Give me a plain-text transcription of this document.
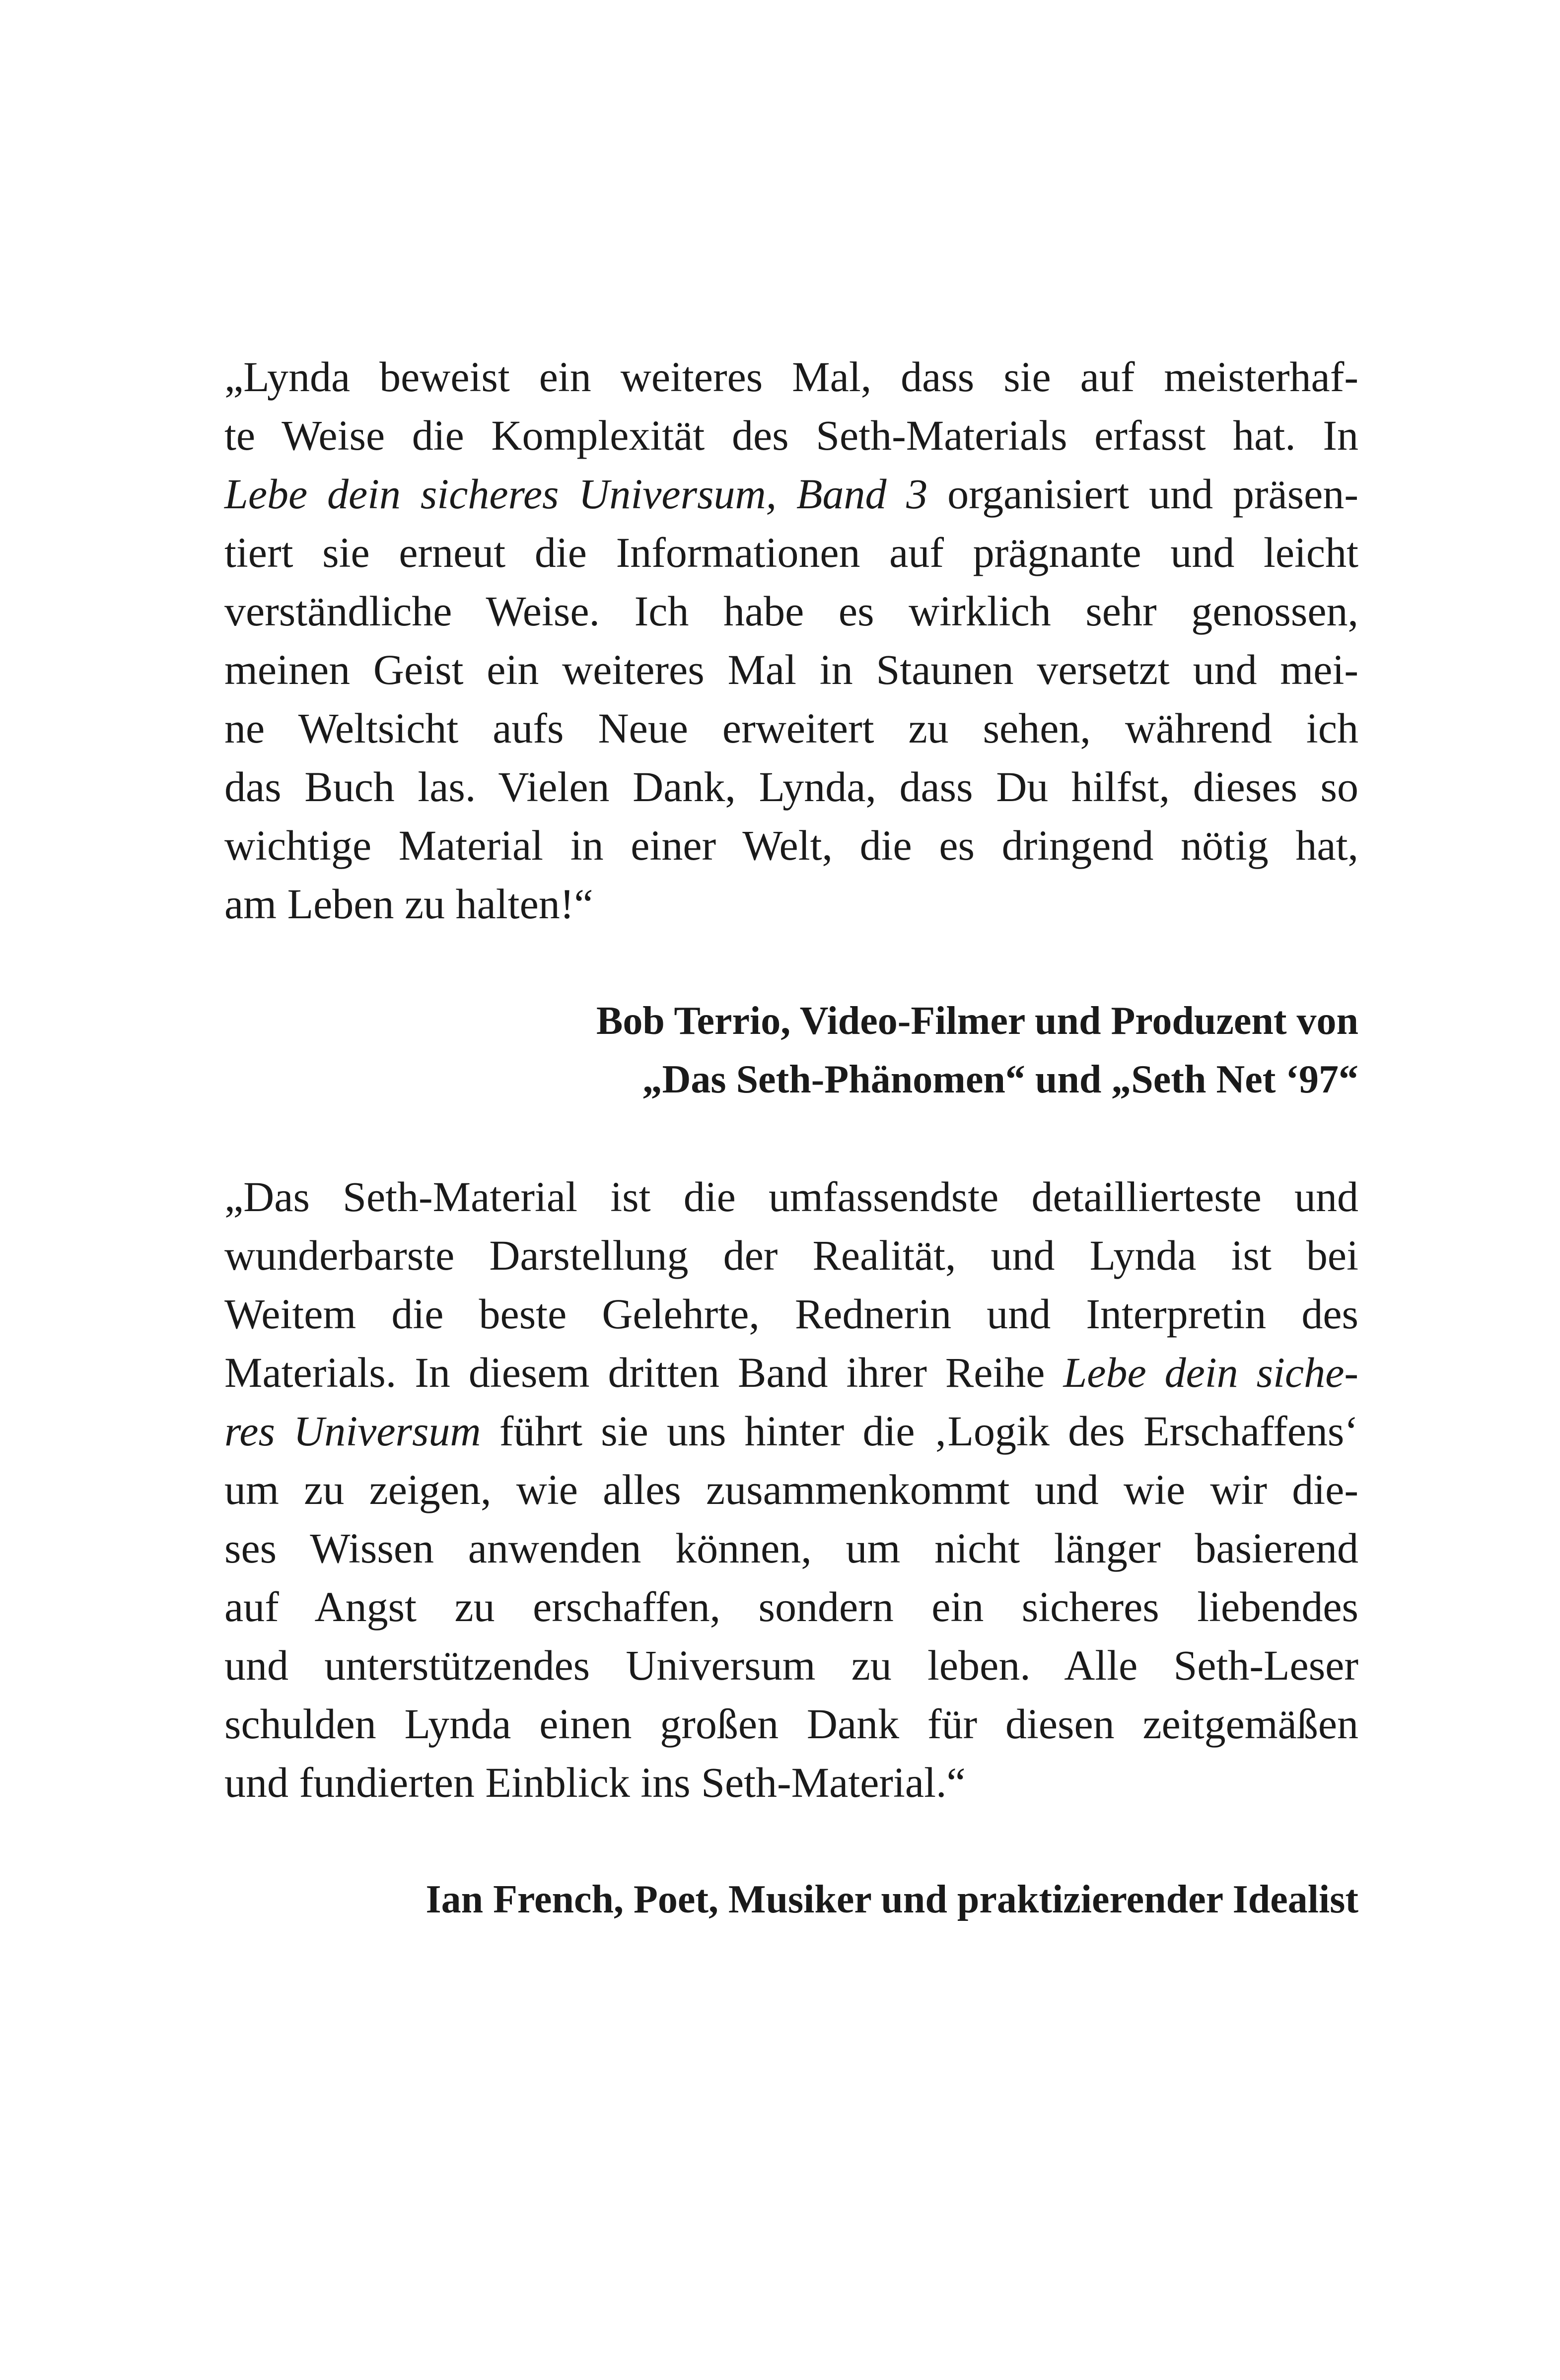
„Lynda beweist ein weiteres Mal, dass sie auf meisterhaf-
te Weise die Komplexität des Seth-Materials erfasst hat. In
Lebe dein sicheres Universum, Band 3 organisiert und präsen-
tiert sie erneut die Informationen auf prägnante und leicht
verständliche Weise. Ich habe es wirklich sehr genossen,
meinen Geist ein weiteres Mal in Staunen versetzt und mei-
ne Weltsicht aufs Neue erweitert zu sehen, während ich
das Buch las. Vielen Dank, Lynda, dass Du hilfst, dieses so
wichtige Material in einer Welt, die es dringend nötig hat,
am Leben zu halten!“

Bob Terrio, Video-Filmer und Produzent von
„Das Seth-Phänomen“ und „Seth Net ‘97“

„Das Seth-Material ist die umfassendste detaillierteste und
wunderbarste Darstellung der Realität, und Lynda ist bei
Weitem die beste Gelehrte, Rednerin und Interpretin des
Materials. In diesem dritten Band ihrer Reihe Lebe dein siche-
res Universum führt sie uns hinter die ‚Logik des Erschaffens‘
um zu zeigen, wie alles zusammenkommt und wie wir die-
ses Wissen anwenden können, um nicht länger basierend
auf Angst zu erschaffen, sondern ein sicheres liebendes
und unterstützendes Universum zu leben. Alle Seth-Leser
schulden Lynda einen großen Dank für diesen zeitgemäßen
und fundierten Einblick ins Seth-Material.“

Ian French, Poet, Musiker und praktizierender Idealist
